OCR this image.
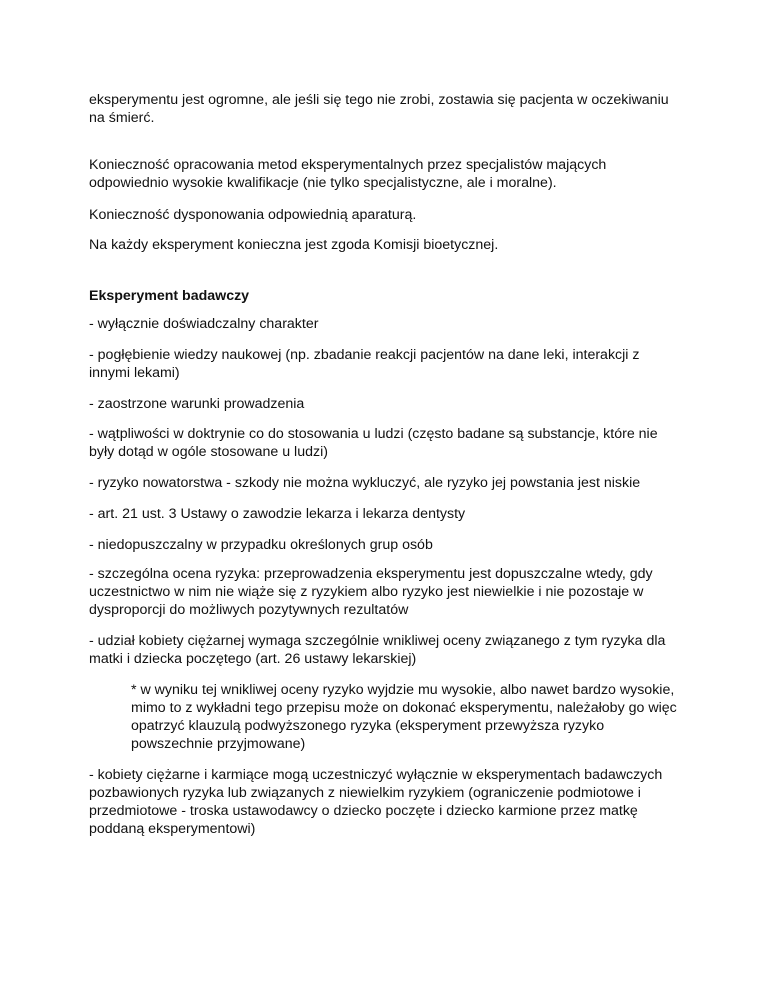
eksperymentu jest ogromne, ale jeśli się tego nie zrobi, zostawia się pacjenta w oczekiwaniu na śmierć.

Konieczność opracowania metod eksperymentalnych przez specjalistów mających odpowiednio wysokie kwalifikacje (nie tylko specjalistyczne, ale i moralne).

Konieczność dysponowania odpowiednią aparaturą.

Na każdy eksperyment konieczna jest zgoda Komisji bioetycznej.

Eksperyment badawczy

- wyłącznie doświadczalny charakter

- pogłębienie wiedzy naukowej (np. zbadanie reakcji pacjentów na dane leki, interakcji z innymi lekami)

- zaostrzone warunki prowadzenia

- wątpliwości w doktrynie co do stosowania u ludzi (często badane są substancje, które nie były dotąd w ogóle stosowane u ludzi)

- ryzyko nowatorstwa - szkody nie można wykluczyć, ale ryzyko jej powstania jest niskie

- art. 21 ust. 3 Ustawy o zawodzie lekarza i lekarza dentysty

- niedopuszczalny w przypadku określonych grup osób

- szczególna ocena ryzyka: przeprowadzenia eksperymentu jest dopuszczalne wtedy, gdy uczestnictwo w nim nie wiąże się z ryzykiem albo ryzyko jest niewielkie i nie pozostaje w dysproporcji do możliwych pozytywnych rezultatów

- udział kobiety ciężarnej wymaga szczególnie wnikliwej oceny związanego z tym ryzyka dla matki i dziecka poczętego (art. 26 ustawy lekarskiej)

* w wyniku tej wnikliwej oceny ryzyko wyjdzie mu wysokie, albo nawet bardzo wysokie, mimo to z wykładni tego przepisu może on dokonać eksperymentu, należałoby go więc opatrzyć klauzulą podwyższonego ryzyka (eksperyment przewyższa ryzyko powszechnie przyjmowane)

- kobiety ciężarne i karmiące mogą uczestniczyć wyłącznie w eksperymentach badawczych pozbawionych ryzyka lub związanych z niewielkim ryzykiem (ograniczenie podmiotowe i przedmiotowe - troska ustawodawcy o dziecko poczęte i dziecko karmione przez matkę poddaną eksperymentowi)
